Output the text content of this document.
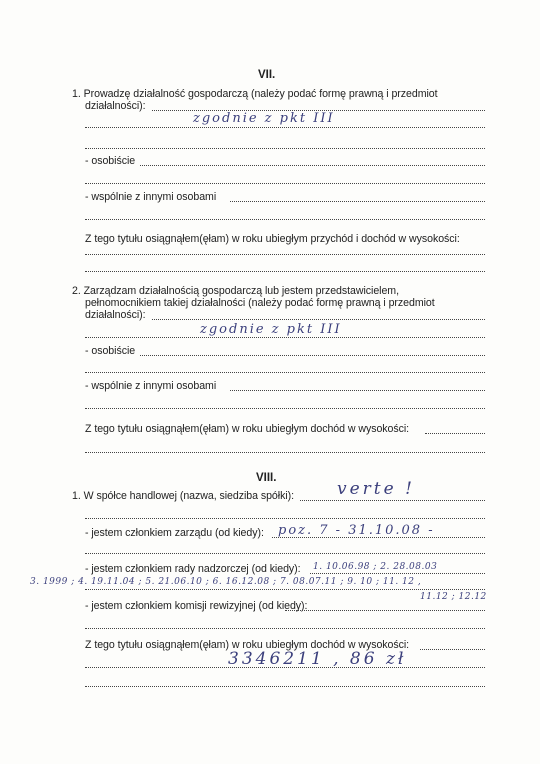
VII.
1. Prowadzę działalność gospodarczą (należy podać formę prawną i przedmiot
działalności):
zgodnie z pkt III
- osobiście
- wspólnie z innymi osobami
Z tego tytułu osiągnąłem(ęłam) w roku ubiegłym przychód i dochód w wysokości:
2. Zarządzam działalnością gospodarczą lub jestem przedstawicielem,
pełnomocnikiem takiej działalności (należy podać formę prawną i przedmiot
działalności):
zgodnie z pkt III
- osobiście
- wspólnie z innymi osobami
Z tego tytułu osiągnąłem(ęłam) w roku ubiegłym dochód w wysokości:
VIII.
1. W spółce handlowej (nazwa, siedziba spółki):	verte !
- jestem członkiem zarządu (od kiedy): poz. 7 - 31.10.08 -
- jestem członkiem rady nadzorczej (od kiedy): 1. 10.06.98 ; 2. 28.08.03
3. 1999 ; 4. 19.11.04 ; 5. 21.06.10 ; 6. 16.12.08 ; 7. 08.07.11 ; 9. 10 ; 11. 12 ,
11.12 ; 12.12
- jestem członkiem komisji rewizyjnej (od kiedy):
Z tego tytułu osiągnąłem(ęłam) w roku ubiegłym dochód w wysokości:
3346211 , 86 zł
